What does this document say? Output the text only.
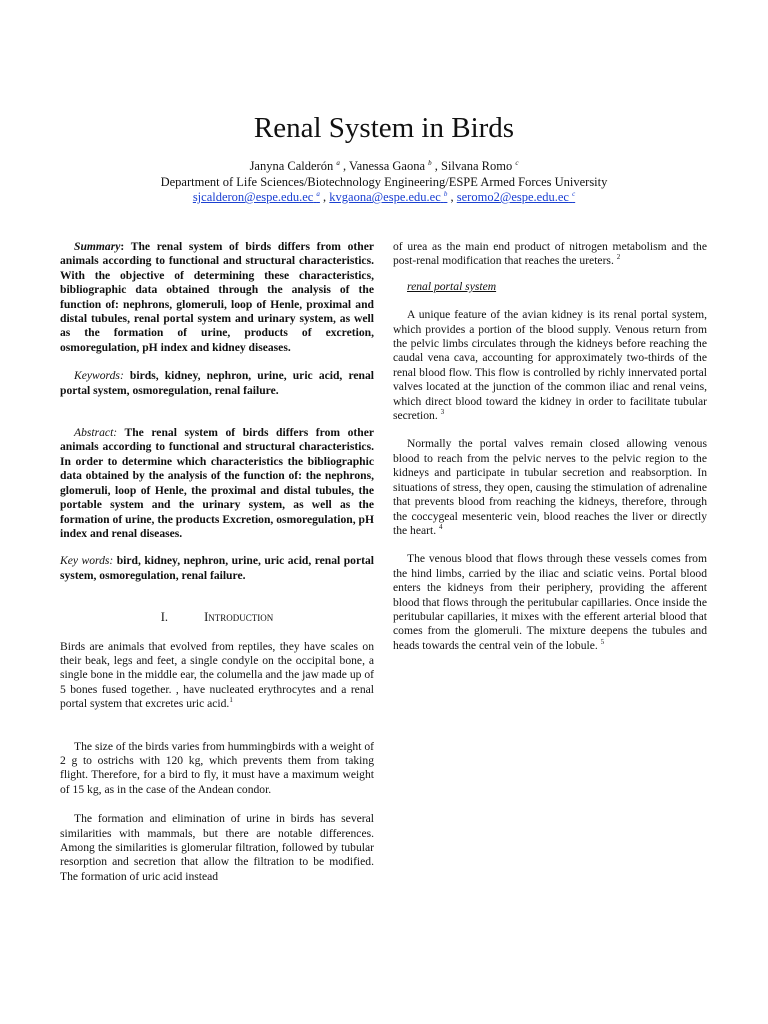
Renal System in Birds
Janyna Calderón $^a$ , Vanessa Gaona $^b$ , Silvana Romo $^c$
Department of Life Sciences/Biotechnology Engineering/ESPE Armed Forces University
sjcalderon@espe.edu.ec $^a$ , kvgaona@espe.edu.ec $^b$ , seromo2@espe.edu.ec $^c$

Summary: The renal system of birds differs from other animals according to functional and structural characteristics. With the objective of determining these characteristics, bibliographic data obtained through the analysis of the function of: nephrons, glomeruli, loop of Henle, proximal and distal tubules, renal portal system and urinary system, as well as the formation of urine, products of excretion, osmoregulation, pH index and kidney diseases.

Keywords: birds, kidney, nephron, urine, uric acid, renal portal system, osmoregulation, renal failure.

Abstract: The renal system of birds differs from other animals according to functional and structural characteristics. In order to determine which characteristics the bibliographic data obtained by the analysis of the function of: the nephrons, glomeruli, loop of Henle, the proximal and distal tubules, the portable system and the urinary system, as well as the formation of urine, the products Excretion, osmoregulation, pH index and renal diseases.

Key words: bird, kidney, nephron, urine, uric acid, renal portal system, osmoregulation, renal failure.

I.	Introduction

Birds are animals that evolved from reptiles, they have scales on their beak, legs and feet, a single condyle on the occipital bone, a single bone in the middle ear, the columella and the jaw made up of 5 bones fused together. , have nucleated erythrocytes and a renal portal system that excretes uric acid.$^1$

The size of the birds varies from hummingbirds with a weight of 2 g to ostrichs with 120 kg, which prevents them from taking flight. Therefore, for a bird to fly, it must have a maximum weight of 15 kg, as in the case of the Andean condor.

The formation and elimination of urine in birds has several similarities with mammals, but there are notable differences. Among the similarities is glomerular filtration, followed by tubular resorption and secretion that allow the filtration to be modified. The formation of uric acid instead

of urea as the main end product of nitrogen metabolism and the post-renal modification that reaches the ureters. $^2$

renal portal system

A unique feature of the avian kidney is its renal portal system, which provides a portion of the blood supply. Venous return from the pelvic limbs circulates through the kidneys before reaching the caudal vena cava, accounting for approximately two-thirds of the renal blood flow. This flow is controlled by richly innervated portal valves located at the junction of the common iliac and renal veins, which direct blood toward the kidney in order to facilitate tubular secretion. $^3$

Normally the portal valves remain closed allowing venous blood to reach from the pelvic nerves to the pelvic region to the kidneys and participate in tubular secretion and reabsorption. In situations of stress, they open, causing the stimulation of adrenaline that prevents blood from reaching the kidneys, therefore, through the coccygeal mesenteric vein, blood reaches the liver or directly the heart. $^4$

The venous blood that flows through these vessels comes from the hind limbs, carried by the iliac and sciatic veins. Portal blood enters the kidneys from their periphery, providing the afferent blood that flows through the peritubular capillaries. Once inside the peritubular capillaries, it mixes with the efferent arterial blood that comes from the glomeruli. The mixture deepens the tubules and heads towards the central vein of the lobule. $^5$
